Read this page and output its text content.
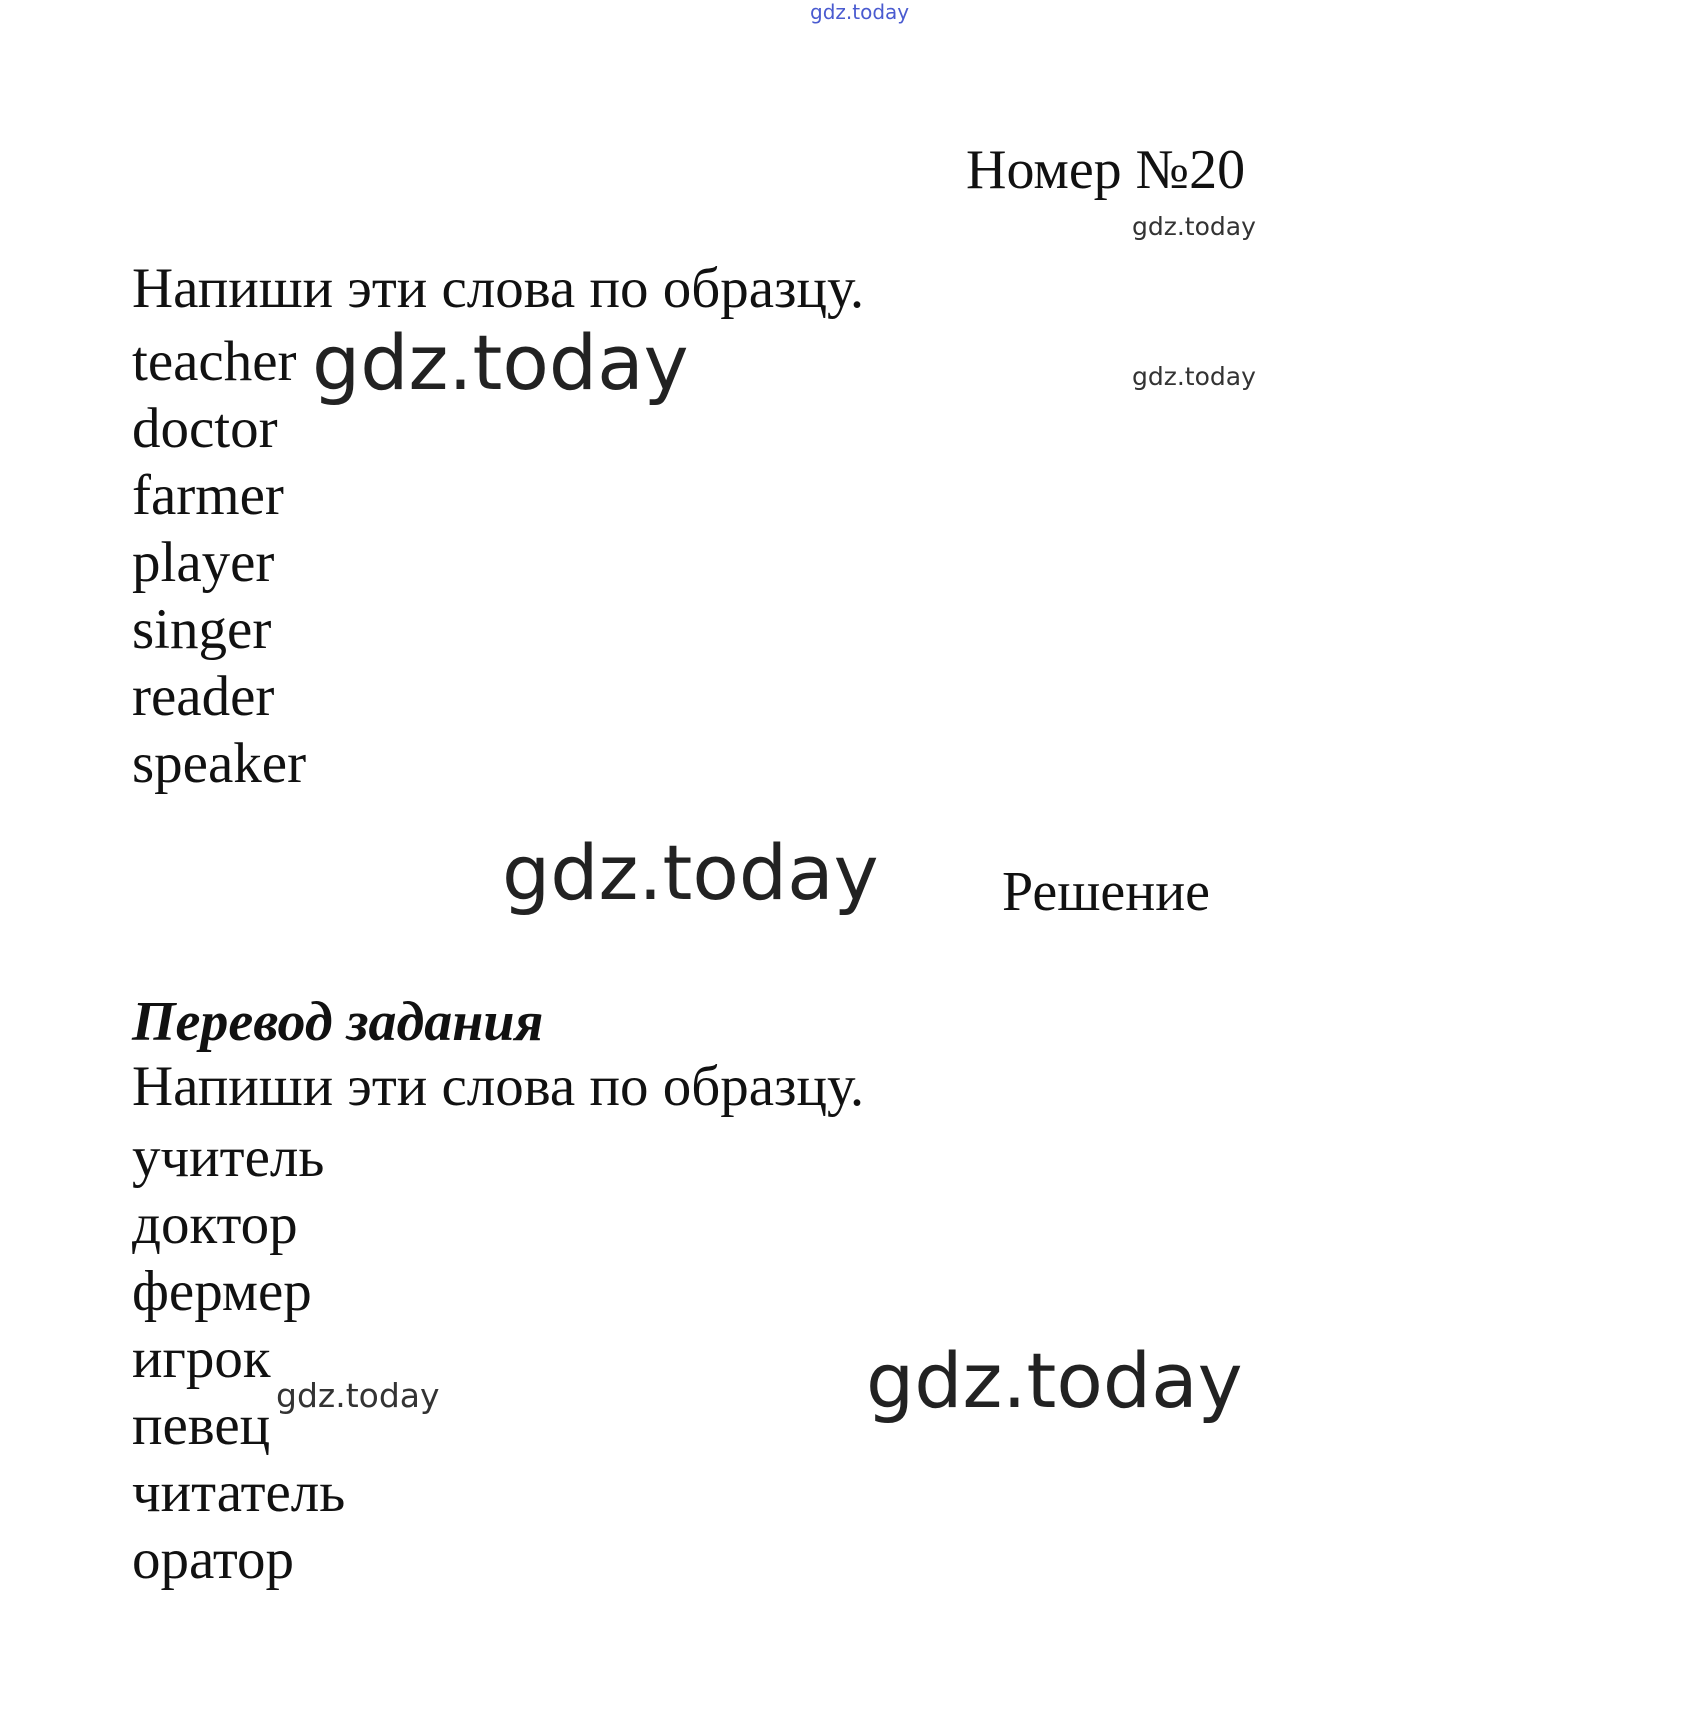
gdz.today
Номер №20
gdz.today
Напиши эти слова по образцу.
gdz.today
teacher
doctor
farmer
player
singer
reader
speaker
gdz.today
gdz.today Решение
Перевод задания
Напиши эти слова по образцу.
учитель
доктор
фермер
игрок
певец
читатель
оратор
gdz.today	gdz.today
